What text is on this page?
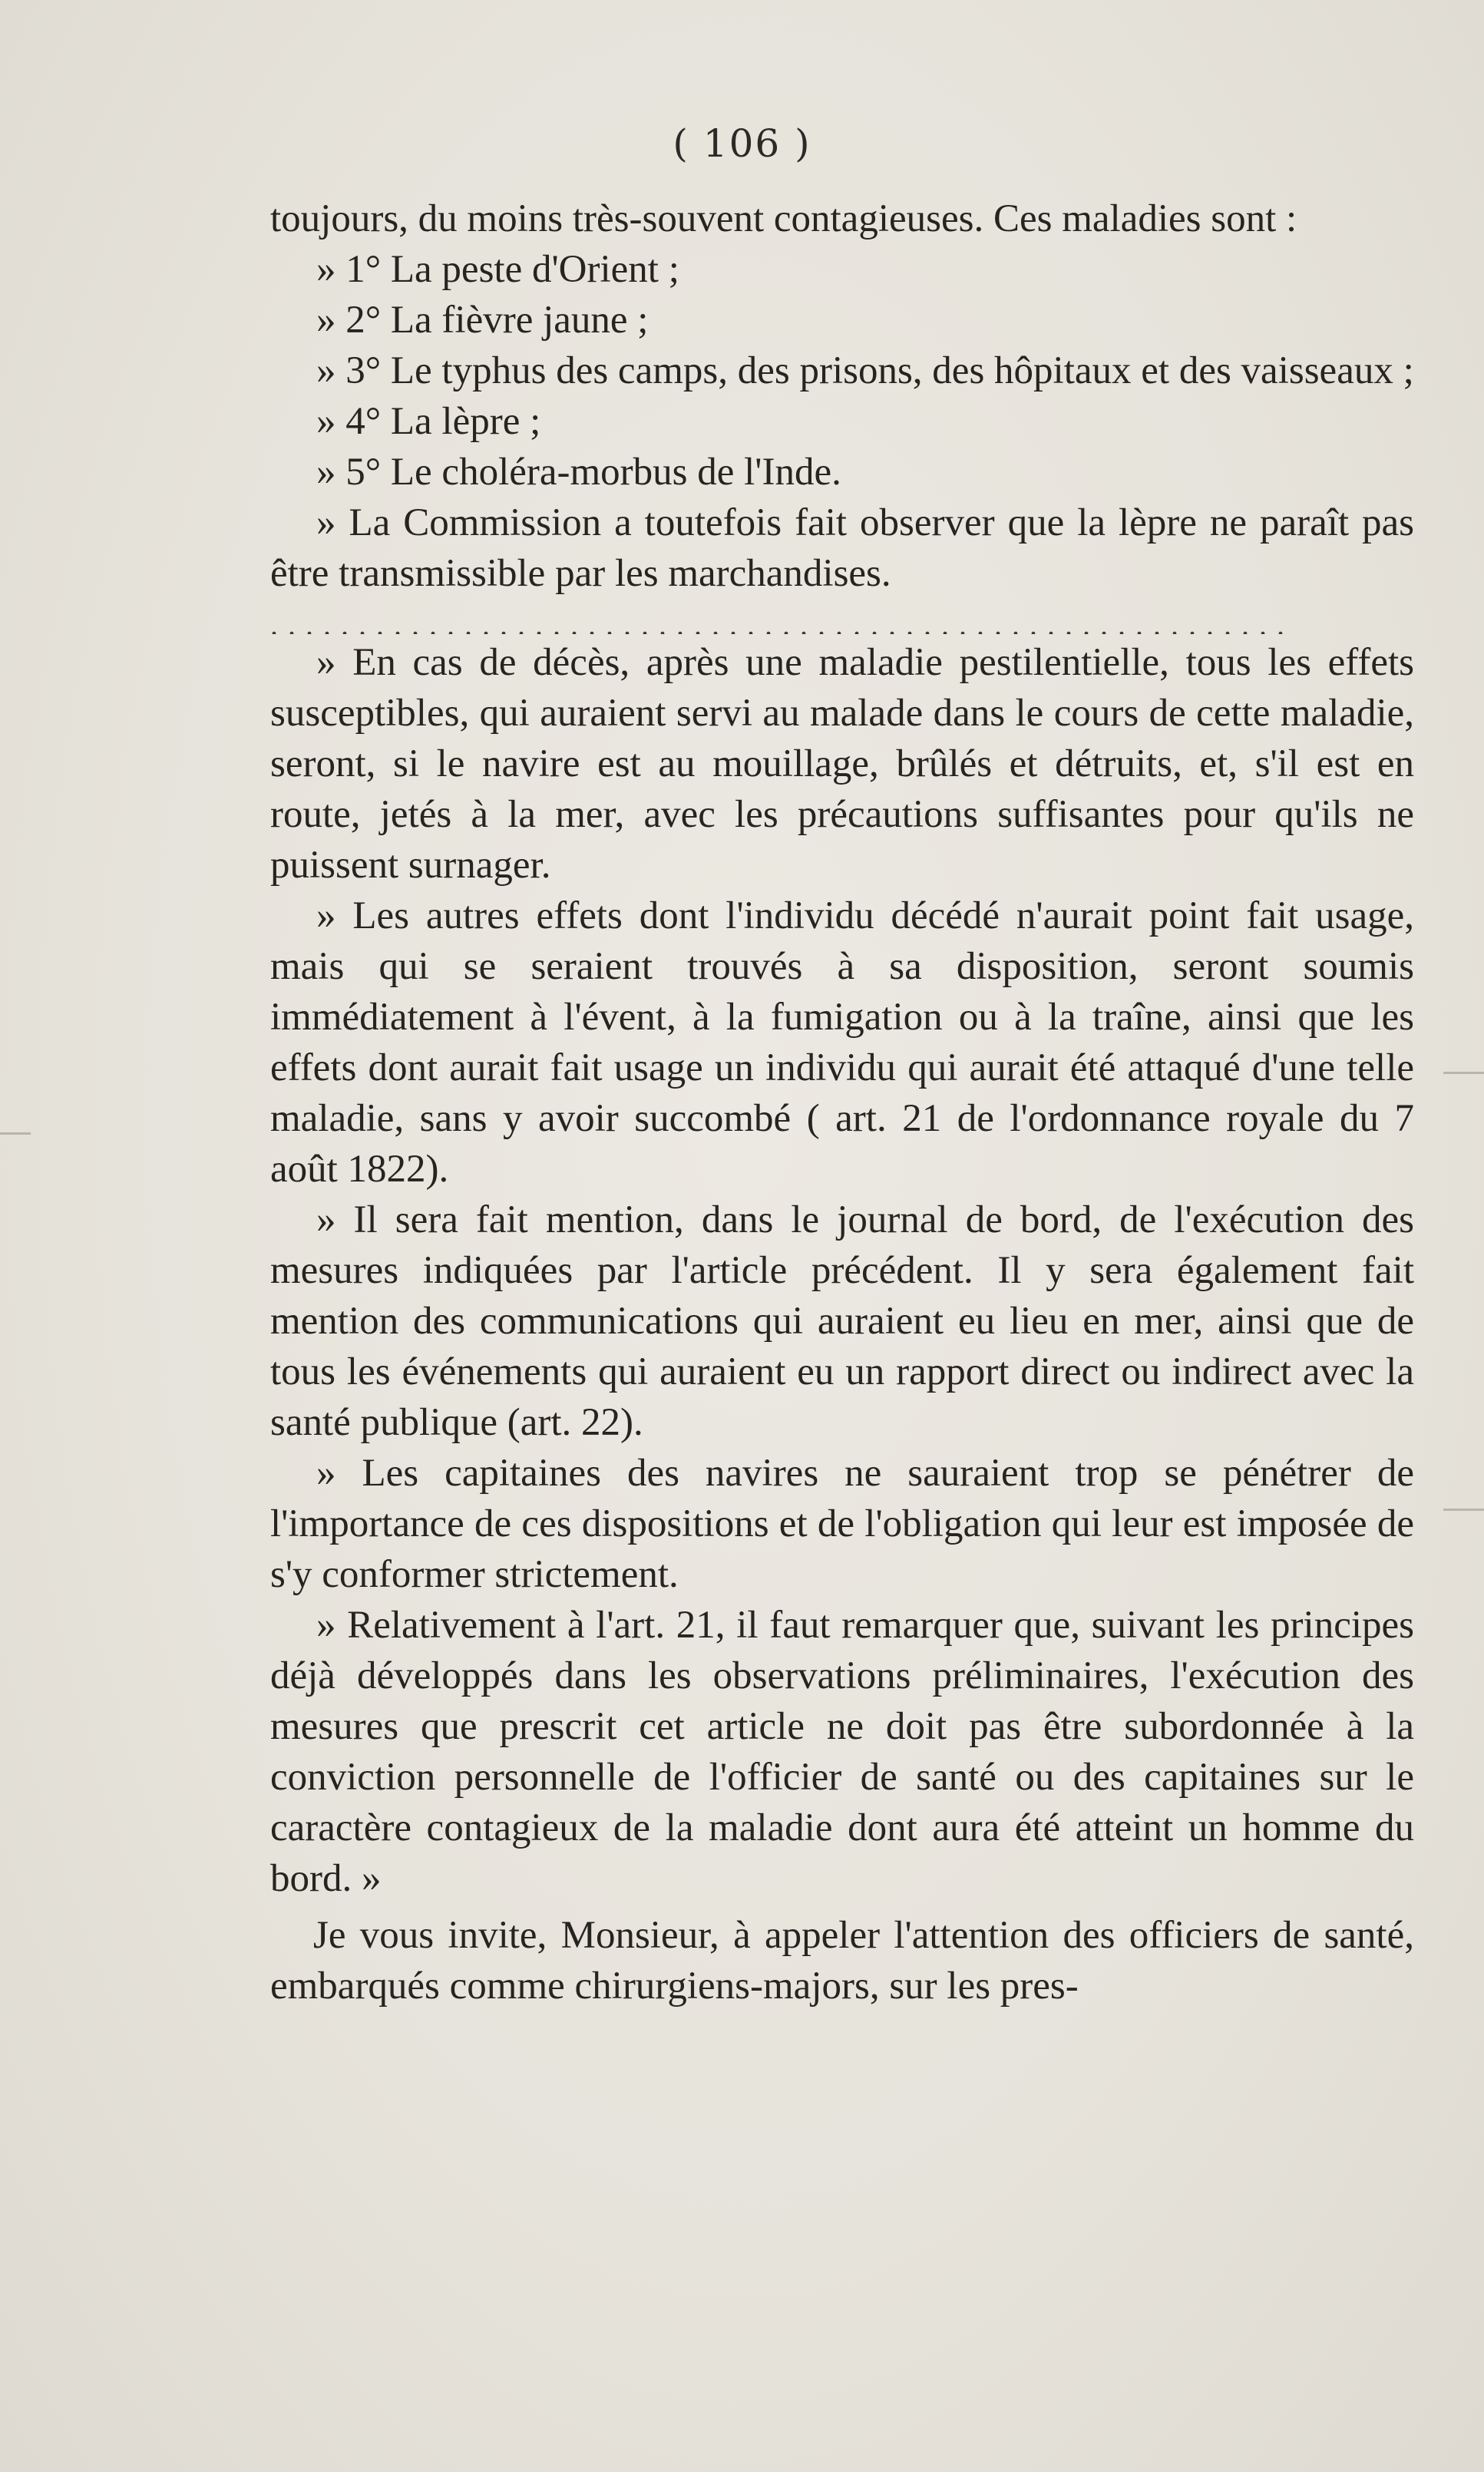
( 106 )

toujours, du moins très-souvent contagieuses. Ces maladies sont :

» 1° La peste d'Orient ;

» 2° La fièvre jaune ;

» 3° Le typhus des camps, des prisons, des hôpitaux et des vaisseaux ;

» 4° La lèpre ;

» 5° Le choléra-morbus de l'Inde.

» La Commission a toutefois fait observer que la lèpre ne paraît pas être transmissible par les marchandises.

..........................................................

» En cas de décès, après une maladie pestilentielle, tous les effets susceptibles, qui auraient servi au malade dans le cours de cette maladie, seront, si le navire est au mouillage, brûlés et détruits, et, s'il est en route, jetés à la mer, avec les précautions suffisantes pour qu'ils ne puissent surnager.

» Les autres effets dont l'individu décédé n'aurait point fait usage, mais qui se seraient trouvés à sa disposition, seront soumis immédiatement à l'évent, à la fumigation ou à la traîne, ainsi que les effets dont aurait fait usage un individu qui aurait été attaqué d'une telle maladie, sans y avoir succombé ( art. 21 de l'ordonnance royale du 7 août 1822).

» Il sera fait mention, dans le journal de bord, de l'exécution des mesures indiquées par l'article précédent. Il y sera également fait mention des communications qui auraient eu lieu en mer, ainsi que de tous les événements qui auraient eu un rapport direct ou indirect avec la santé publique (art. 22).

» Les capitaines des navires ne sauraient trop se pénétrer de l'importance de ces dispositions et de l'obligation qui leur est imposée de s'y conformer strictement.

» Relativement à l'art. 21, il faut remarquer que, suivant les principes déjà développés dans les observations préliminaires, l'exécution des mesures que prescrit cet article ne doit pas être subordonnée à la conviction personnelle de l'officier de santé ou des capitaines sur le caractère contagieux de la maladie dont aura été atteint un homme du bord. »

Je vous invite, Monsieur, à appeler l'attention des officiers de santé, embarqués comme chirurgiens-majors, sur les pres-
